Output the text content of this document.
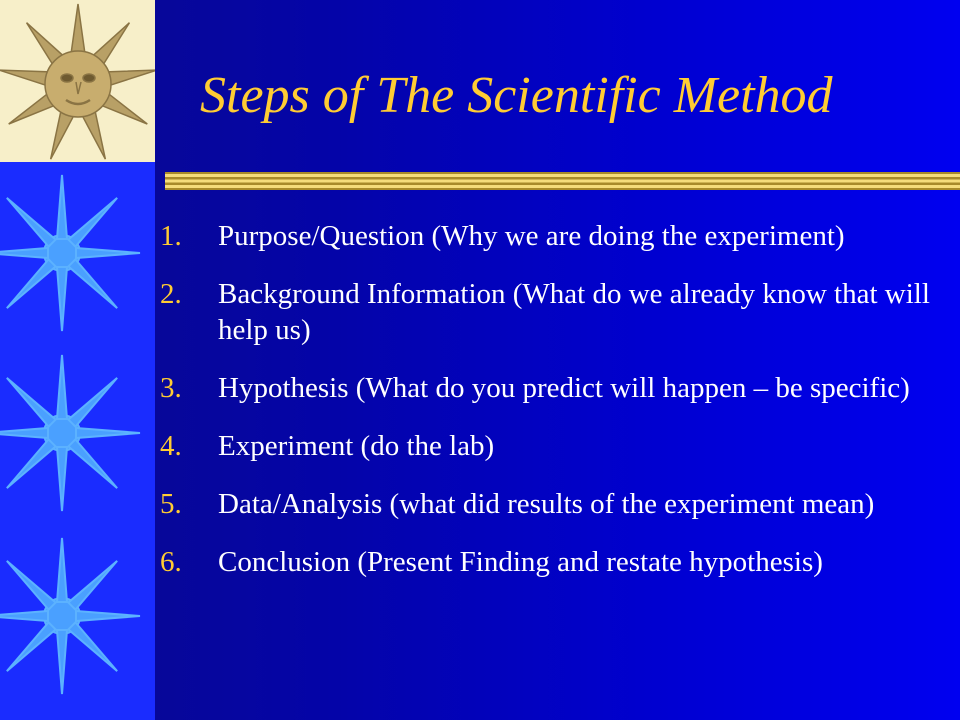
Steps of The Scientific Method
1.	Purpose/Question (Why we are doing the experiment)
2.	Background Information (What do we already know that will help us)
3.	Hypothesis (What do you predict will happen – be specific)
4.	Experiment (do the lab)
5.	Data/Analysis (what did results of the experiment mean)
6.	Conclusion (Present Finding and restate hypothesis)
